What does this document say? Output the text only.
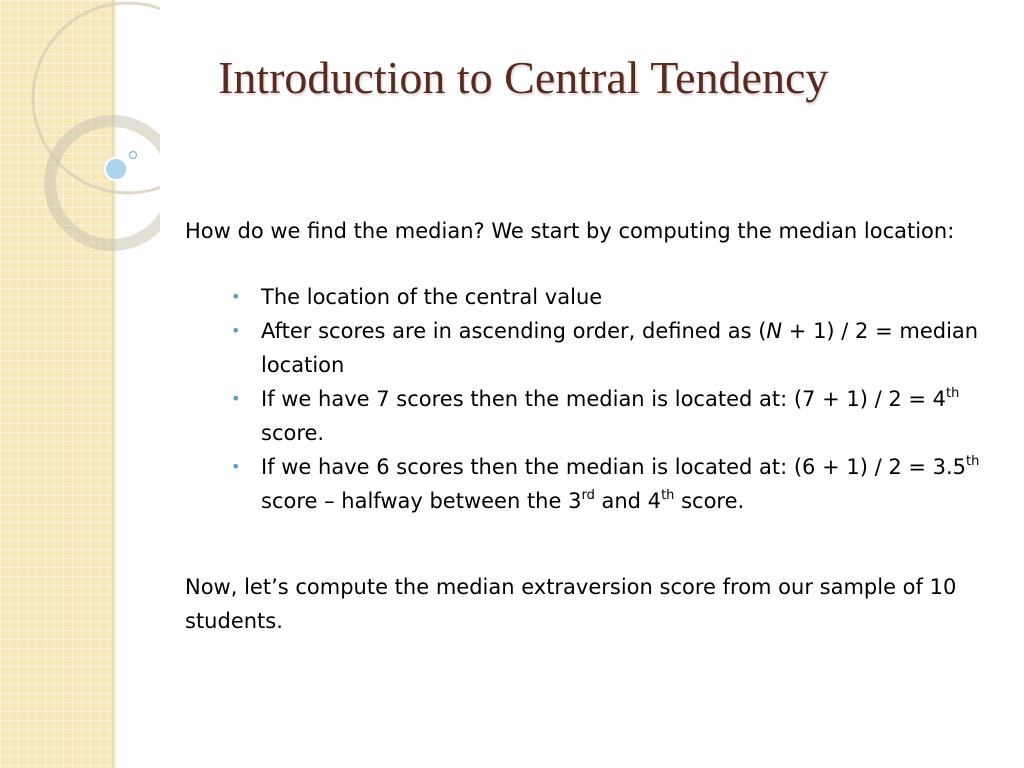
Introduction to Central Tendency

How do we find the median? We start by computing the median location:

• The location of the central value
• After scores are in ascending order, defined as (N + 1) / 2 = median location
• If we have 7 scores then the median is located at: (7 + 1) / 2 = 4th score.
• If we have 6 scores then the median is located at: (6 + 1) / 2 = 3.5th score – halfway between the 3rd and 4th score.

Now, let’s compute the median extraversion score from our sample of 10 students.
